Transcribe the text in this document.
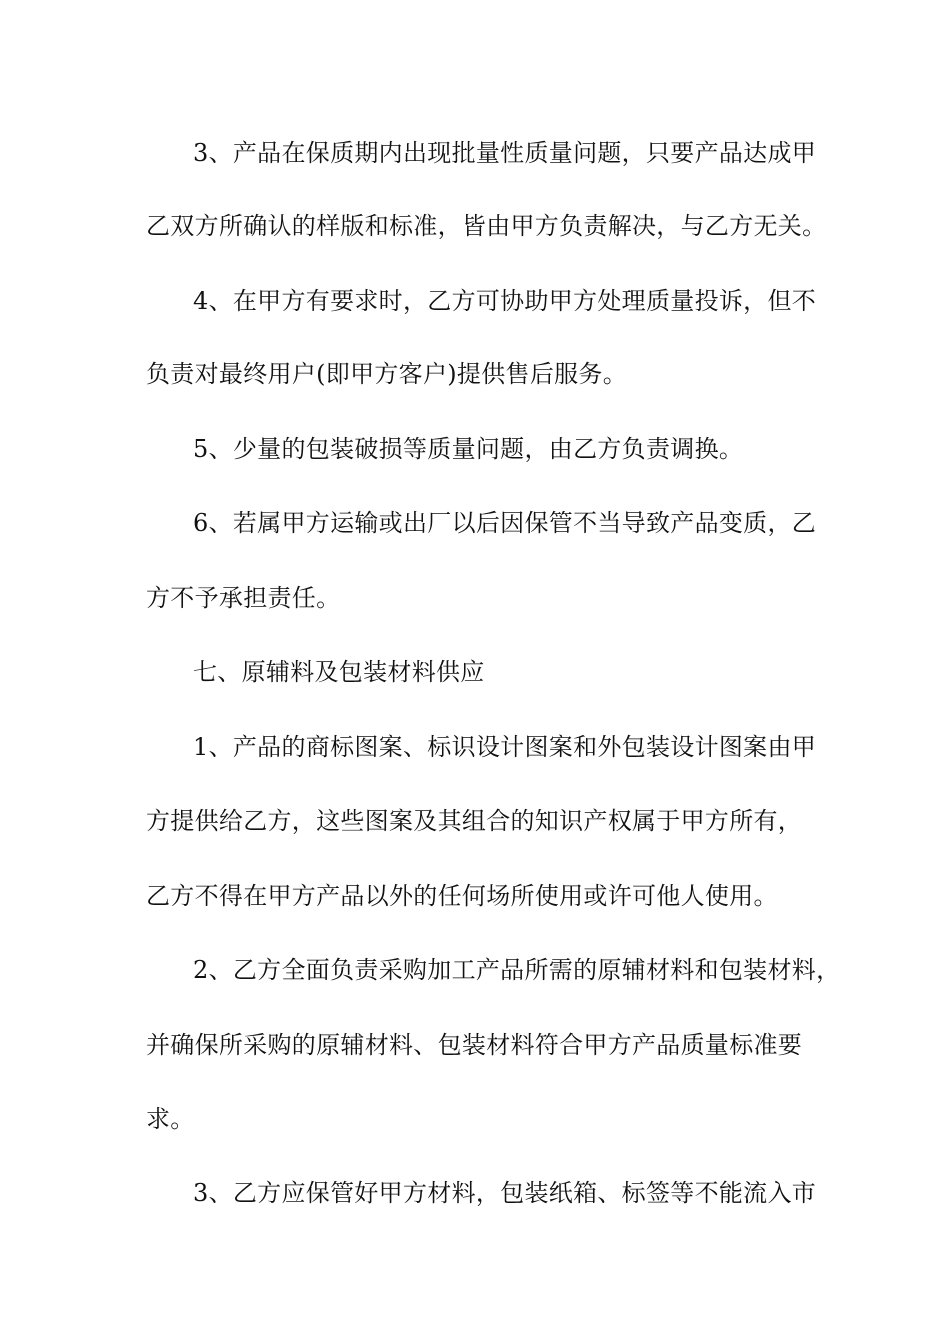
3、产品在保质期内出现批量性质量问题，只要产品达成甲
乙双方所确认的样版和标准，皆由甲方负责解决，与乙方无关。
4、在甲方有要求时，乙方可协助甲方处理质量投诉，但不
负责对最终用户(即甲方客户)提供售后服务。
5、少量的包装破损等质量问题，由乙方负责调换。
6、若属甲方运输或出厂以后因保管不当导致产品变质，乙
方不予承担责任。
七、原辅料及包装材料供应
1、产品的商标图案、标识设计图案和外包装设计图案由甲
方提供给乙方，这些图案及其组合的知识产权属于甲方所有，
乙方不得在甲方产品以外的任何场所使用或许可他人使用。
2、乙方全面负责采购加工产品所需的原辅材料和包装材料，
并确保所采购的原辅材料、包装材料符合甲方产品质量标准要
求。
3、乙方应保管好甲方材料，包装纸箱、标签等不能流入市
